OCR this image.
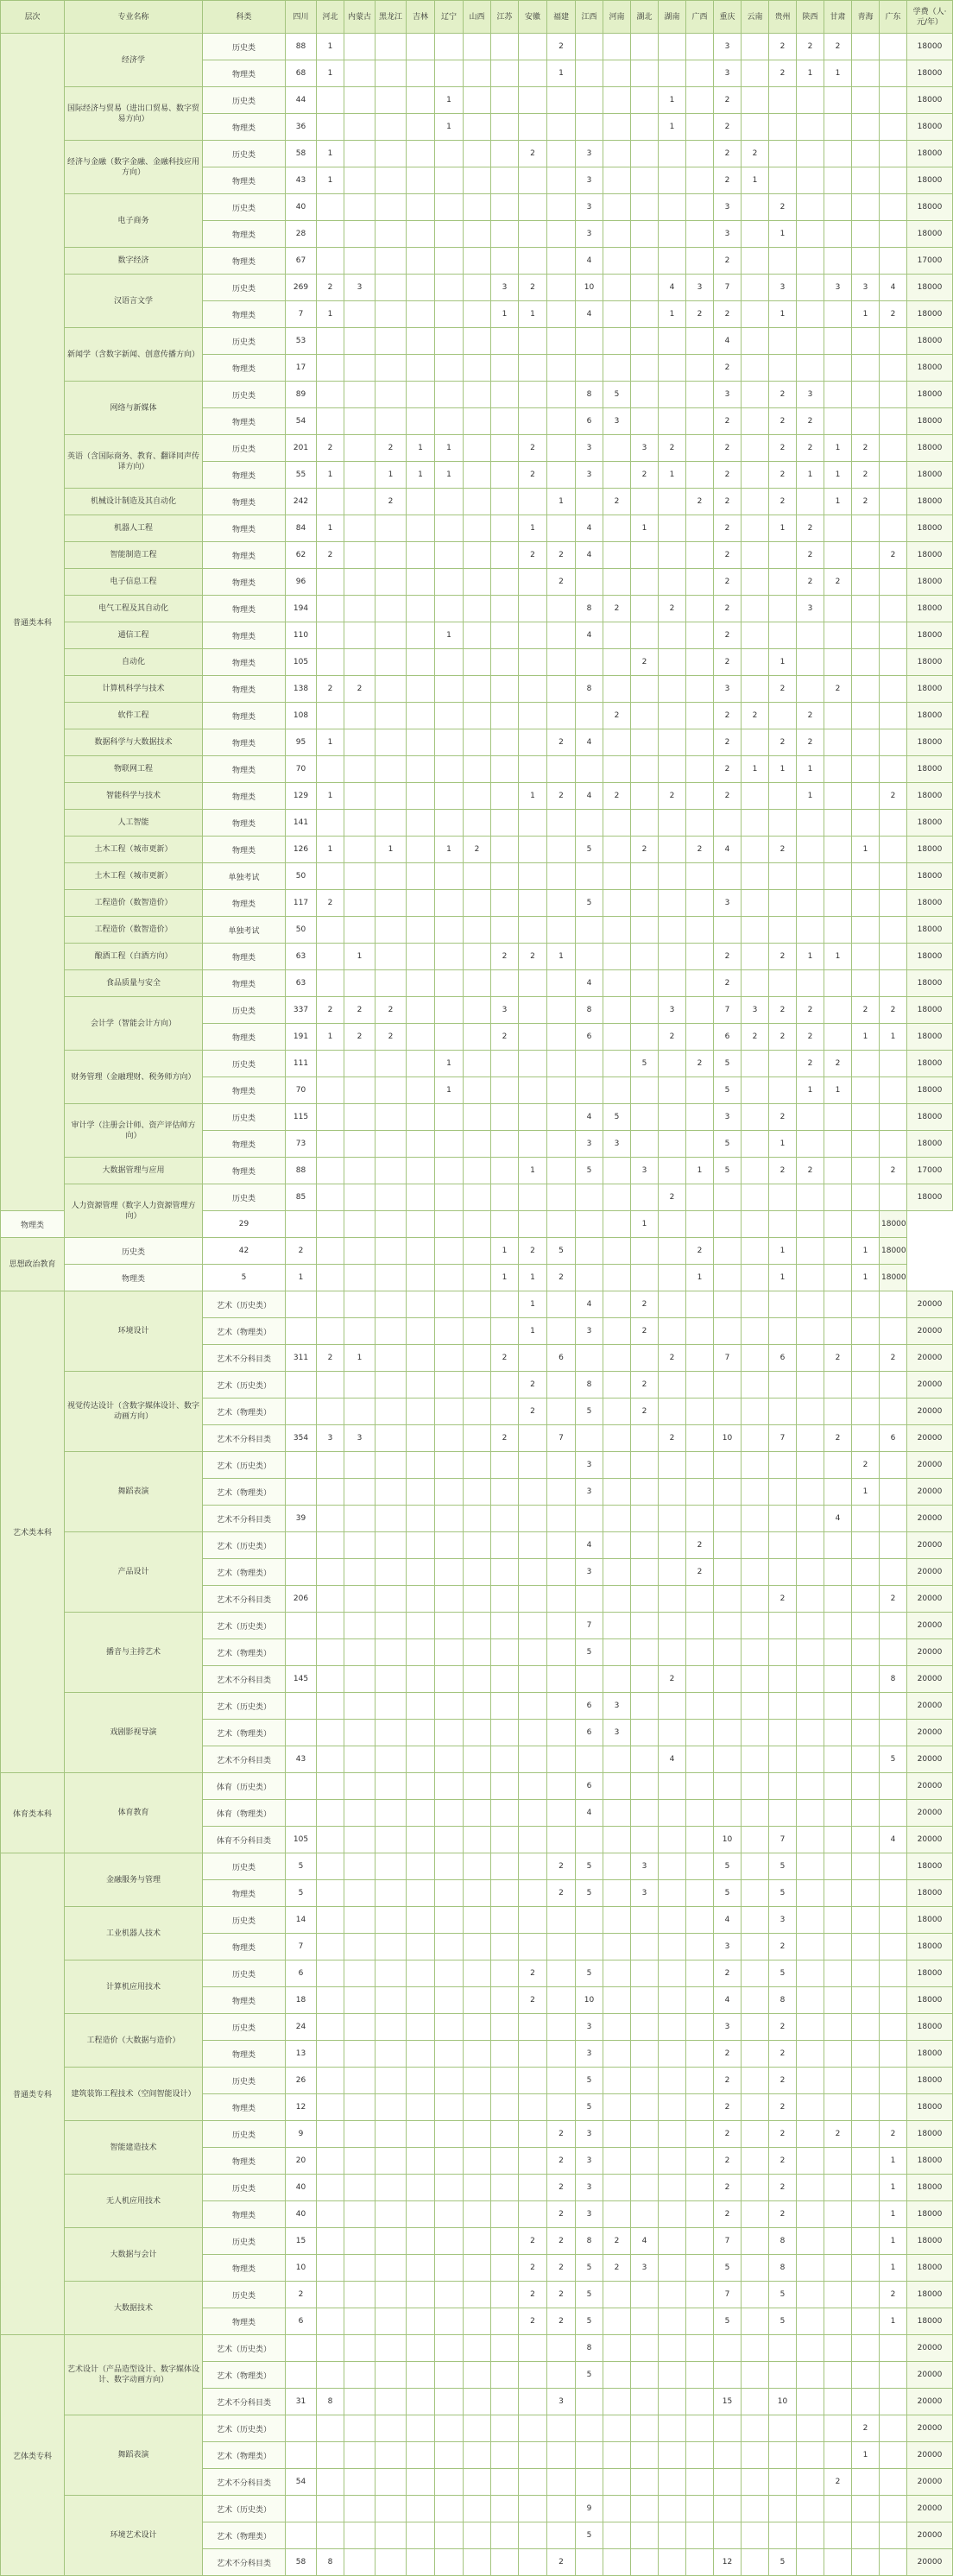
层次	专业名称	科类	四川	河北	内蒙古	黑龙江	吉林	辽宁	山西	江苏	安徽	福建	江西	河南	湖北	湖南	广西	重庆	云南	贵州	陕西	甘肃	青海	广东	学费（人·元/年）
普通类本科	经济学	历史类	88	1								2						3		2	2	2			18000
		物理类	68	1								1						3		2	1	1			18000
	国际经济与贸易（进出口贸易、数字贸易方向）	历史类	44					1								1		2							18000
		物理类	36					1								1		2							18000
	经济与金融（数字金融、金融科技应用方向）	历史类	58	1							2		3					2	2						18000
		物理类	43	1									3					2	1						18000
	电子商务	历史类	40										3					3		2					18000
		物理类	28										3					3		1					18000
	数字经济	物理类	67										4					2							17000
	汉语言文学	历史类	269	2	3					3	2		10			4	3	7		3		3	3	4	18000
		物理类	7	1						1	1		4			1	2	2		1			1	2	18000
	新闻学（含数字新闻、创意传播方向）	历史类	53															4							18000
		物理类	17															2							18000
	网络与新媒体	历史类	89										8	5				3		2	3				18000
		物理类	54										6	3				2		2	2				18000
	英语（含国际商务、教育、翻译同声传译方向）	历史类	201	2		2	1	1			2		3		3	2		2		2	2	1	2		18000
		物理类	55	1		1	1	1			2		3		2	1		2		2	1	1	2		18000
	机械设计制造及其自动化	物理类	242			2						1		2			2	2		2		1	2		18000
	机器人工程	物理类	84	1							1		4		1			2		1	2				18000
	智能制造工程	物理类	62	2							2	2	4					2			2			2	18000
	电子信息工程	物理类	96									2						2			2	2			18000
	电气工程及其自动化	物理类	194										8	2		2		2			3				18000
	通信工程	物理类	110					1					4					2							18000
	自动化	物理类	105												2			2		1					18000
	计算机科学与技术	物理类	138	2	2								8					3		2		2			18000
	软件工程	物理类	108											2				2	2		2				18000
	数据科学与大数据技术	物理类	95	1								2	4					2		2	2				18000
	物联网工程	物理类	70															2	1	1	1				18000
	智能科学与技术	物理类	129	1							1	2	4	2		2		2			1			2	18000
	人工智能	物理类	141																						18000
	土木工程（城市更新）	物理类	126	1		1		1	2				5		2		2	4		2			1		18000
	土木工程（城市更新）	单独考试	50																						18000
	工程造价（数智造价）	物理类	117	2									5					3							18000
	工程造价（数智造价）	单独考试	50																						18000
	酿酒工程（白酒方向）	物理类	63		1					2	2	1						2		2	1	1			18000
	食品质量与安全	物理类	63										4					2							18000
	会计学（智能会计方向）	历史类	337	2	2	2				3			8			3		7	3	2	2		2	2	18000
		物理类	191	1	2	2				2			6			2		6	2	2	2		1	1	18000
	财务管理（金融理财、税务师方向）	历史类	111					1							5		2	5			2	2			18000
		物理类	70					1										5			1	1			18000
	审计学（注册会计师、资产评估师方向）	历史类	115										4	5				3		2					18000
		物理类	73										3	3				5		1					18000
	大数据管理与应用	物理类	88								1		5		3		1	5		2	2			2	17000
	人力资源管理（数字人力资源管理方向）	历史类	85													2									18000
物理类		29													1									18000	
思想政治教育	历史类	42	2							1	2	5					2			1			1	18000	
	物理类	5	1							1	1	2					1			1			1	18000	
艺术类本科	环境设计	艺术（历史类）									1		4		2										20000
		艺术（物理类）									1		3		2										20000
		艺术不分科目类	311	2	1					2		6				2		7		6		2		2	20000
	视觉传达设计（含数字媒体设计、数字动画方向）	艺术（历史类）									2		8		2										20000
		艺术（物理类）									2		5		2										20000
		艺术不分科目类	354	3	3					2		7				2		10		7		2		6	20000
	舞蹈表演	艺术（历史类）											3										2		20000
		艺术（物理类）											3										1		20000
		艺术不分科目类	39																			4			20000
	产品设计	艺术（历史类）											4				2								20000
		艺术（物理类）											3				2								20000
		艺术不分科目类	206																	2				2	20000
	播音与主持艺术	艺术（历史类）											7												20000
		艺术（物理类）											5												20000
		艺术不分科目类	145													2								8	20000
	戏剧影视导演	艺术（历史类）											6	3											20000
		艺术（物理类）											6	3											20000
		艺术不分科目类	43													4								5	20000
体育类本科	体育教育	体育（历史类）											6												20000
		体育（物理类）											4												20000
		体育不分科目类	105															10		7				4	20000
普通类专科	金融服务与管理	历史类	5									2	5		3			5		5					18000
		物理类	5									2	5		3			5		5					18000
	工业机器人技术	历史类	14															4		3					18000
		物理类	7															3		2					18000
	计算机应用技术	历史类	6								2		5					2		5					18000
		物理类	18								2		10					4		8					18000
	工程造价（大数据与造价）	历史类	24										3					3		2					18000
		物理类	13										3					2		2					18000
	建筑装饰工程技术（空间智能设计）	历史类	26										5					2		2					18000
		物理类	12										5					2		2					18000
	智能建造技术	历史类	9									2	3					2		2		2		2	18000
		物理类	20									2	3					2		2				1	18000
	无人机应用技术	历史类	40									2	3					2		2				1	18000
		物理类	40									2	3					2		2				1	18000
	大数据与会计	历史类	15								2	2	8	2	4			7		8				1	18000
		物理类	10								2	2	5	2	3			5		8				1	18000
	大数据技术	历史类	2								2	2	5					7		5				2	18000
		物理类	6								2	2	5					5		5				1	18000
艺体类专科	艺术设计（产品造型设计、数字媒体设计、数字动画方向）	艺术（历史类）											8												20000
		艺术（物理类）											5												20000
		艺术不分科目类	31	8								3						15		10					20000
	舞蹈表演	艺术（历史类）																					2		20000
		艺术（物理类）																					1		20000
		艺术不分科目类	54																			2			20000
	环境艺术设计	艺术（历史类）											9												20000
		艺术（物理类）											5												20000
		艺术不分科目类	58	8								2						12		5					20000
